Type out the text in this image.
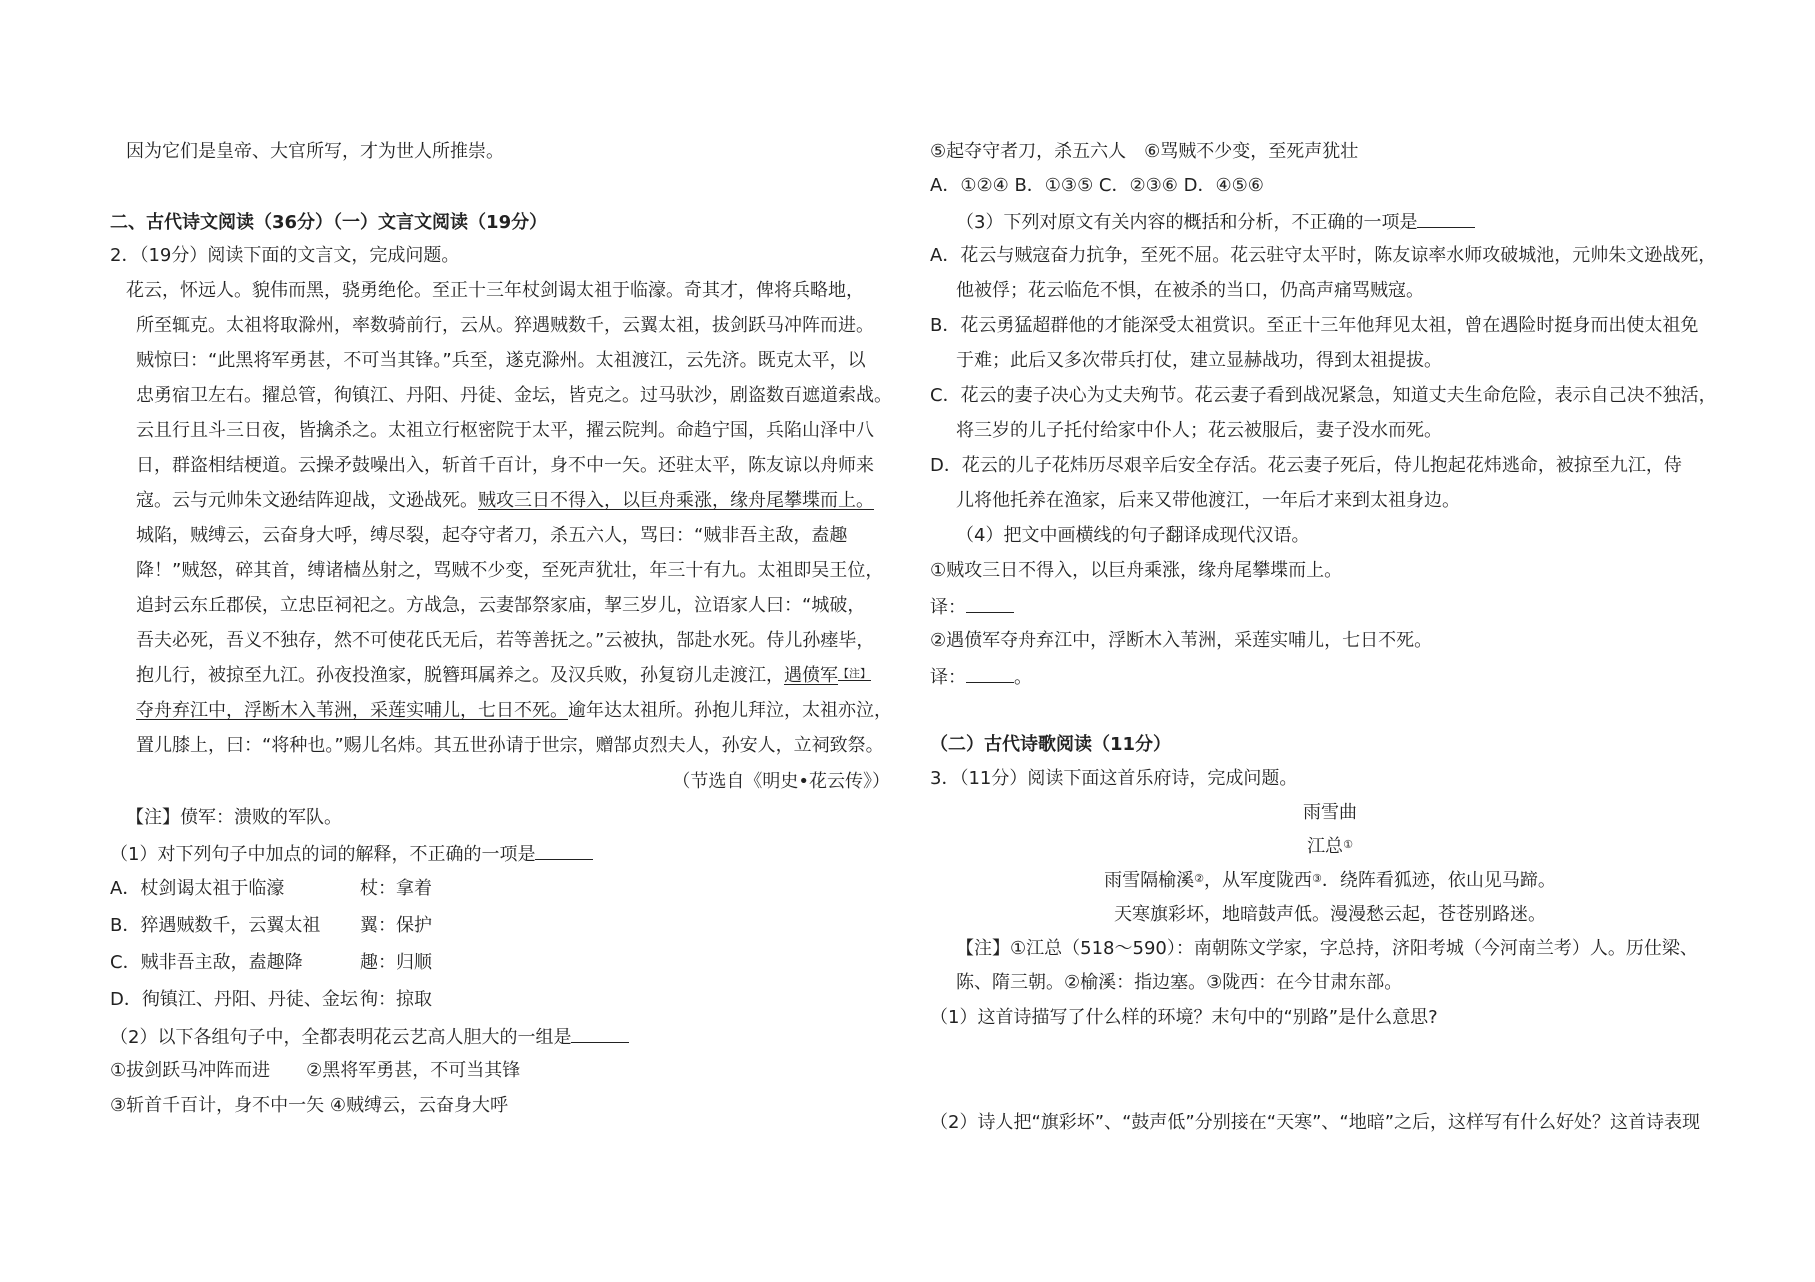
因为它们是皇帝、大官所写，才为世人所推崇。
二、古代诗文阅读（36分）（一）文言文阅读（19分）
2．（19分）阅读下面的文言文，完成问题。
花云，怀远人。貌伟而黑，骁勇绝伦。至正十三年杖剑谒太祖于临濠。奇其才，俾将兵略地，
所至辄克。太祖将取滁州，率数骑前行，云从。猝遇贼数千，云翼太祖，拔剑跃马冲阵而进。
贼惊曰：“此黑将军勇甚，不可当其锋。”兵至，遂克滁州。太祖渡江，云先济。既克太平，以
忠勇宿卫左右。擢总管，徇镇江、丹阳、丹徒、金坛，皆克之。过马驮沙，剧盗数百遮道索战。
云且行且斗三日夜，皆擒杀之。太祖立行枢密院于太平，擢云院判。命趋宁国，兵陷山泽中八
日，群盗相结梗道。云操矛鼓噪出入，斩首千百计，身不中一矢。还驻太平，陈友谅以舟师来
寇。云与元帅朱文逊结阵迎战，文逊战死。贼攻三日不得入，以巨舟乘涨，缘舟尾攀堞而上。
城陷，贼缚云，云奋身大呼，缚尽裂，起夺守者刀，杀五六人，骂曰：“贼非吾主敌，盍趣
降！”贼怒，碎其首，缚诸樯丛射之，骂贼不少变，至死声犹壮，年三十有九。太祖即吴王位，
追封云东丘郡侯，立忠臣祠祀之。方战急，云妻郜祭家庙，挈三岁儿，泣语家人曰：“城破，
吾夫必死，吾义不独存，然不可使花氏无后，若等善抚之。”云被执，郜赴水死。侍儿孙瘗毕，
抱儿行，被掠至九江。孙夜投渔家，脱簪珥属养之。及汉兵败，孙复窃儿走渡江，遇偾军$^{【注】}$
夺舟弃江中，浮断木入苇洲，采莲实哺儿，七日不死。逾年达太祖所。孙抱儿拜泣，太祖亦泣，
置儿膝上，曰：“将种也。”赐儿名炜。其五世孙请于世宗，赠郜贞烈夫人，孙安人，立祠致祭。
（节选自《明史•花云传》）
【注】偾军：溃败的军队。
（1）对下列句子中加点的词的解释，不正确的一项是
A．杖剑谒太祖于临濠	杖：拿着
B．猝遇贼数千，云翼太祖 翼：保护
C．贼非吾主敌，盍趣降	趣：归顺
D．徇镇江、丹阳、丹徒、金坛 徇：掠取
（2）以下各组句子中，全都表明花云艺高人胆大的一组是
①拔剑跃马冲阵而进　　②黑将军勇甚，不可当其锋
③斩首千百计，身不中一矢 ④贼缚云，云奋身大呼
⑤起夺守者刀，杀五六人　⑥骂贼不少变，至死声犹壮
A．①②④ B．①③⑤ C．②③⑥ D．④⑤⑥
（3）下列对原文有关内容的概括和分析，不正确的一项是
A．花云与贼寇奋力抗争，至死不屈。花云驻守太平时，陈友谅率水师攻破城池，元帅朱文逊战死，
他被俘；花云临危不惧，在被杀的当口，仍高声痛骂贼寇。
B．花云勇猛超群他的才能深受太祖赏识。至正十三年他拜见太祖，曾在遇险时挺身而出使太祖免
于难；此后又多次带兵打仗，建立显赫战功，得到太祖提拔。
C．花云的妻子决心为丈夫殉节。花云妻子看到战况紧急，知道丈夫生命危险，表示自己决不独活，
将三岁的儿子托付给家中仆人；花云被服后，妻子没水而死。
D．花云的儿子花炜历尽艰辛后安全存活。花云妻子死后，侍儿抱起花炜逃命，被掠至九江，侍
儿将他托养在渔家，后来又带他渡江，一年后才来到太祖身边。
（4）把文中画横线的句子翻译成现代汉语。
①贼攻三日不得入，以巨舟乘涨，缘舟尾攀堞而上。
译：
②遇偾军夺舟弃江中，浮断木入苇洲，采莲实哺儿，七日不死。
译：	。
（二）古代诗歌阅读（11分）
3．（11分）阅读下面这首乐府诗，完成问题。
雨雪曲
江总①
雨雪隔榆溪②，从军度陇西③．绕阵看狐迹，依山见马蹄。
天寒旗彩坏，地暗鼓声低。漫漫愁云起，苍苍别路迷。
【注】①江总（518～590）：南朝陈文学家，字总持，济阳考城（今河南兰考）人。历仕梁、
陈、隋三朝。②榆溪：指边塞。③陇西：在今甘肃东部。
（1）这首诗描写了什么样的环境？末句中的“别路”是什么意思?
（2）诗人把“旗彩坏”、“鼓声低”分别接在“天寒”、“地暗”之后，这样写有什么好处？这首诗表现
